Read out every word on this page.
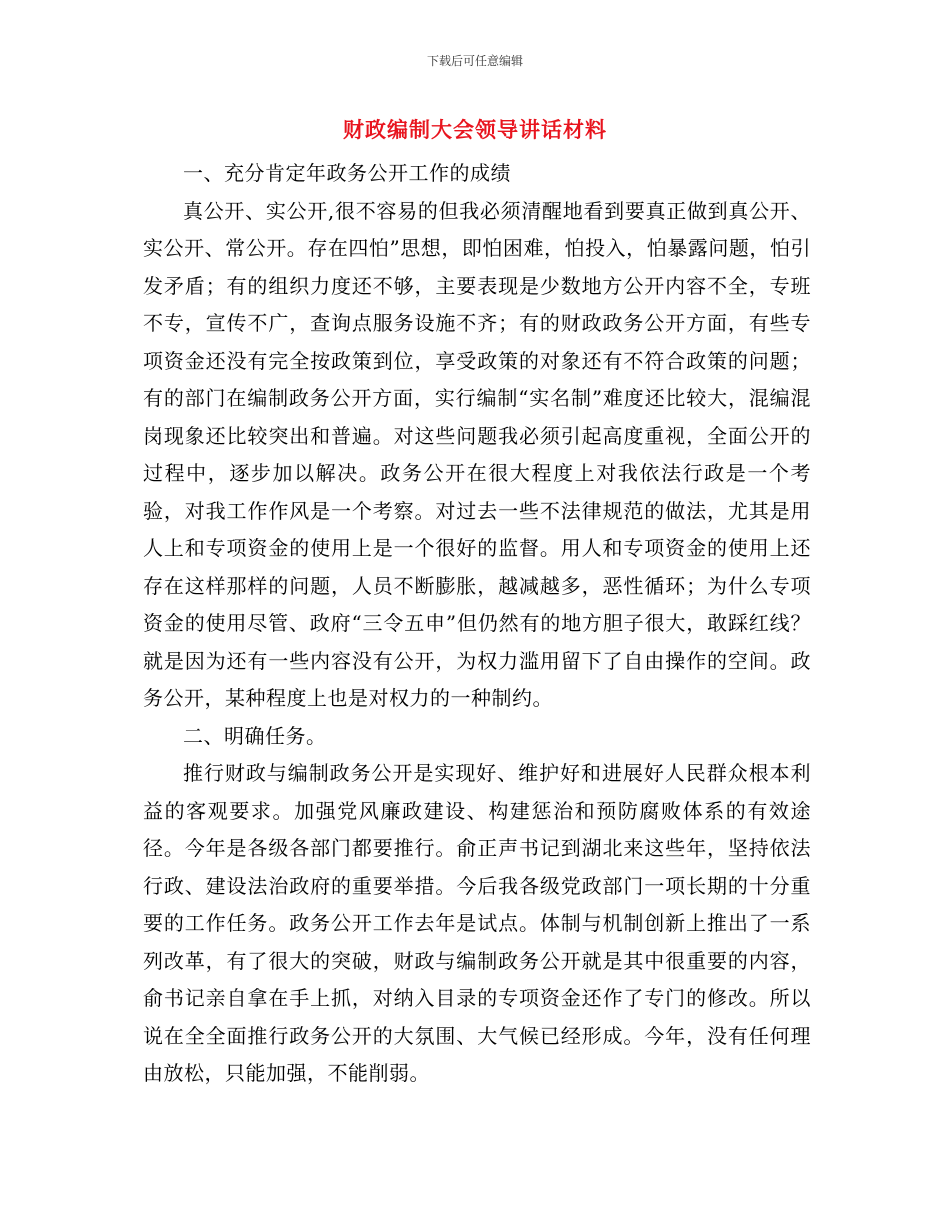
下载后可任意编辑
财政编制大会领导讲话材料

一、充分肯定年政务公开工作的成绩

真公开、实公开,很不容易的但我必须清醒地看到要真正做到真公开、实公开、常公开。存在四怕”思想，即怕困难，怕投入，怕暴露问题，怕引发矛盾；有的组织力度还不够，主要表现是少数地方公开内容不全，专班不专，宣传不广，查询点服务设施不齐；有的财政政务公开方面，有些专项资金还没有完全按政策到位，享受政策的对象还有不符合政策的问题；有的部门在编制政务公开方面，实行编制“实名制”难度还比较大，混编混岗现象还比较突出和普遍。对这些问题我必须引起高度重视，全面公开的过程中，逐步加以解决。政务公开在很大程度上对我依法行政是一个考验，对我工作作风是一个考察。对过去一些不法律规范的做法，尤其是用人上和专项资金的使用上是一个很好的监督。用人和专项资金的使用上还存在这样那样的问题，人员不断膨胀，越减越多，恶性循环；为什么专项资金的使用尽管、政府“三令五申”但仍然有的地方胆子很大，敢踩红线？就是因为还有一些内容没有公开，为权力滥用留下了自由操作的空间。政务公开，某种程度上也是对权力的一种制约。

二、明确任务。

推行财政与编制政务公开是实现好、维护好和进展好人民群众根本利益的客观要求。加强党风廉政建设、构建惩治和预防腐败体系的有效途径。今年是各级各部门都要推行。俞正声书记到湖北来这些年，坚持依法行政、建设法治政府的重要举措。今后我各级党政部门一项长期的十分重要的工作任务。政务公开工作去年是试点。体制与机制创新上推出了一系列改革，有了很大的突破，财政与编制政务公开就是其中很重要的内容，俞书记亲自拿在手上抓，对纳入目录的专项资金还作了专门的修改。所以说在全全面推行政务公开的大氛围、大气候已经形成。今年，没有任何理由放松，只能加强，不能削弱。
